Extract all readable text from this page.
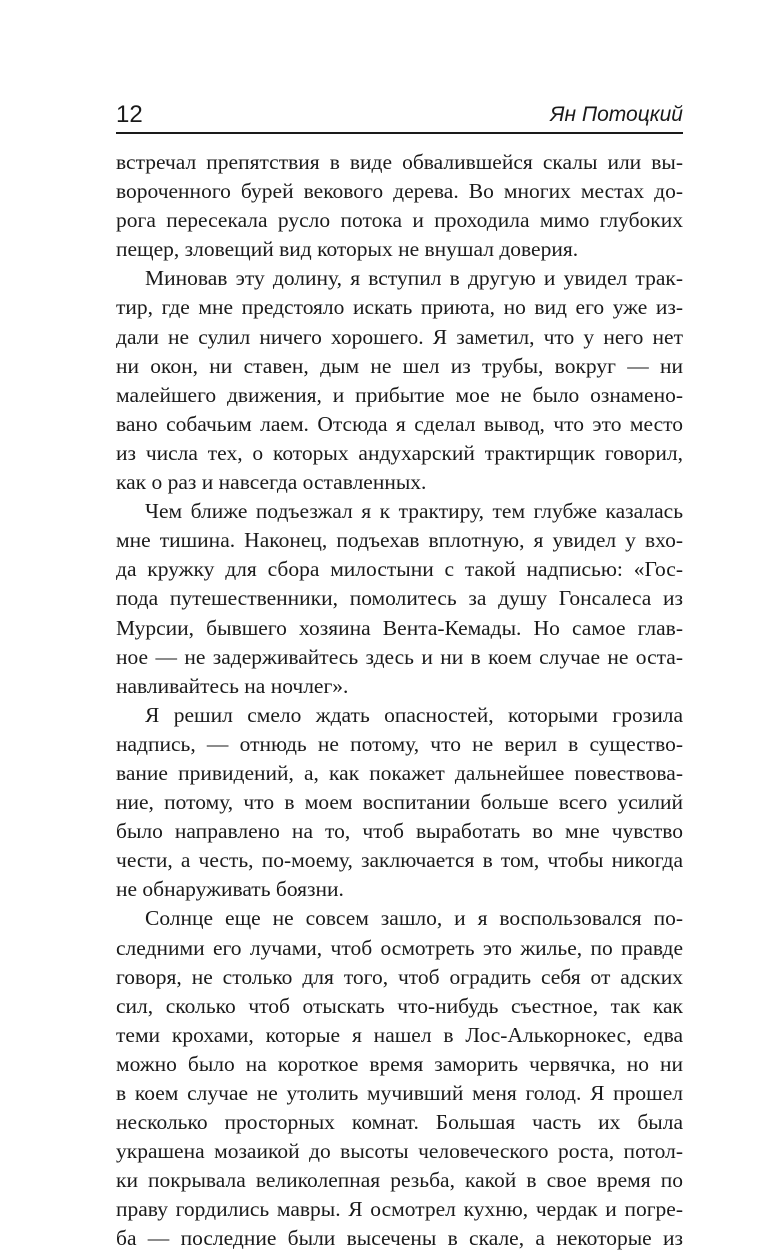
12	Ян Потоцкий
встречал препятствия в виде обвалившейся скалы или вы-
вороченного бурей векового дерева. Во многих местах до-
рога пересекала русло потока и проходила мимо глубоких
пещер, зловещий вид которых не внушал доверия.
Миновав эту долину, я вступил в другую и увидел трак-
тир, где мне предстояло искать приюта, но вид его уже из-
дали не сулил ничего хорошего. Я заметил, что у него нет
ни окон, ни ставен, дым не шел из трубы, вокруг — ни
малейшего движения, и прибытие мое не было ознамено-
вано собачьим лаем. Отсюда я сделал вывод, что это место
из числа тех, о которых андухарский трактирщик говорил,
как о раз и навсегда оставленных.
Чем ближе подъезжал я к трактиру, тем глубже казалась
мне тишина. Наконец, подъехав вплотную, я увидел у вхо-
да кружку для сбора милостыни с такой надписью: «Гос-
пода путешественники, помолитесь за душу Гонсалеса из
Мурсии, бывшего хозяина Вента-Кемады. Но самое глав-
ное — не задерживайтесь здесь и ни в коем случае не оста-
навливайтесь на ночлег».
Я решил смело ждать опасностей, которыми грозила
надпись, — отнюдь не потому, что не верил в существо-
вание привидений, а, как покажет дальнейшее повествова-
ние, потому, что в моем воспитании больше всего усилий
было направлено на то, чтоб выработать во мне чувство
чести, а честь, по-моему, заключается в том, чтобы никогда
не обнаруживать боязни.
Солнце еще не совсем зашло, и я воспользовался по-
следними его лучами, чтоб осмотреть это жилье, по правде
говоря, не столько для того, чтоб оградить себя от адских
сил, сколько чтоб отыскать что-нибудь съестное, так как
теми крохами, которые я нашел в Лос-Алькорнокес, едва
можно было на короткое время заморить червячка, но ни
в коем случае не утолить мучивший меня голод. Я прошел
несколько просторных комнат. Большая часть их была
украшена мозаикой до высоты человеческого роста, потол-
ки покрывала великолепная резьба, какой в свое время по
праву гордились мавры. Я осмотрел кухню, чердак и погре-
ба — последние были высечены в скале, а некоторые из
